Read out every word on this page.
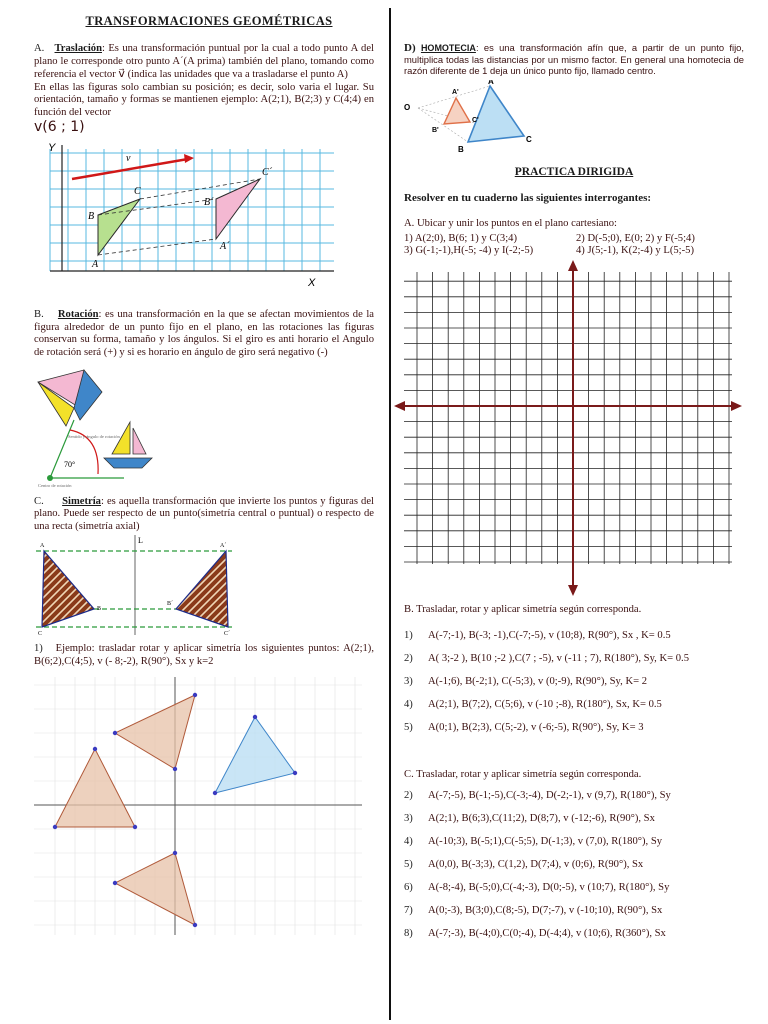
TRANSFORMACIONES GEOMÉTRICAS
A. Traslación: Es una transformación puntual por la cual a todo punto A del plano le corresponde otro punto A´(A prima) también del plano, tomando como referencia el vector v⃗ (indica las unidades que va a trasladarse el punto A)
En ellas las figuras solo cambian su posición; es decir, solo varia el lugar. Su orientación, tamaño y formas se mantienen ejemplo: A(2;1), B(2;3) y C(4;4) en función del vector
v(6 ; 1)
Y
X
v
A
B
C
A´
B´
C´
B. Rotación: es una transformación en la que se afectan movimientos de la figura alrededor de un punto fijo en el plano, en las rotaciones las figuras conservan su forma, tamaño y los ángulos. Si el giro es anti horario el Angulo de rotación será (+) y si es horario en ángulo de giro será negativo (-)
70°
Sentido y ángulo de rotación
Centro de rotación
C. Simetría: es aquella transformación que invierte los puntos y figuras del plano. Puede ser respecto de un punto(simetría central o puntual) o respecto de una recta (simetría axial)
L
A
B
C
A´
B´
C´
1) Ejemplo: trasladar rotar y aplicar simetría los siguientes puntos: A(2;1), B(6;2),C(4;5), v (- 8;-2), R(90°), Sx y k=2
D) HOMOTECIA: es una transformación afín que, a partir de un punto fijo, multiplica todas las distancias por un mismo factor. En general una homotecia de razón diferente de 1 deja un único punto fijo, llamado centro.
O
A
B
C
A'
B'
C'
PRACTICA DIRIGIDA
Resolver en tu cuaderno las siguientes interrogantes:
A. Ubicar y unir los puntos en el plano cartesiano:
1) A(2;0), B(6; 1) y C(3;4)	2) D(-5;0), E(0; 2) y F(-5;4)
3) G(-1;-1),H(-5; -4) y I(-2;-5)	4) J(5;-1), K(2;-4) y L(5;-5)
B. Trasladar, rotar y aplicar simetría según corresponda.
1) A(-7;-1), B(-3; -1),C(-7;-5), v (10;8), R(90°), Sx , K= 0.5
2) A( 3;-2 ), B(10 ;-2 ),C(7 ; -5), v (-11 ; 7), R(180°), Sy, K= 0.5
3) A(-1;6), B(-2;1), C(-5;3), v (0;-9), R(90°), Sy, K= 2
4) A(2;1), B(7;2), C(5;6), v (-10 ;-8), R(180°), Sx, K= 0.5
5) A(0;1), B(2;3), C(5;-2), v (-6;-5), R(90°), Sy, K= 3
C. Trasladar, rotar y aplicar simetría según corresponda.
2) A(-7;-5), B(-1;-5),C(-3;-4), D(-2;-1), v (9,7), R(180°), Sy
3) A(2;1), B(6;3),C(11;2), D(8;7), v (-12;-6), R(90°), Sx
4) A(-10;3), B(-5;1),C(-5;5), D(-1;3), v (7,0), R(180°), Sy
5) A(0,0), B(-3;3), C(1,2), D(7;4), v (0;6), R(90°), Sx
6) A(-8;-4), B(-5;0),C(-4;-3), D(0;-5), v (10;7), R(180°), Sy
7) A(0;-3), B(3;0),C(8;-5), D(7;-7), v (-10;10), R(90°), Sx
8) A(-7;-3), B(-4;0),C(0;-4), D(-4;4), v (10;6), R(360°), Sx
